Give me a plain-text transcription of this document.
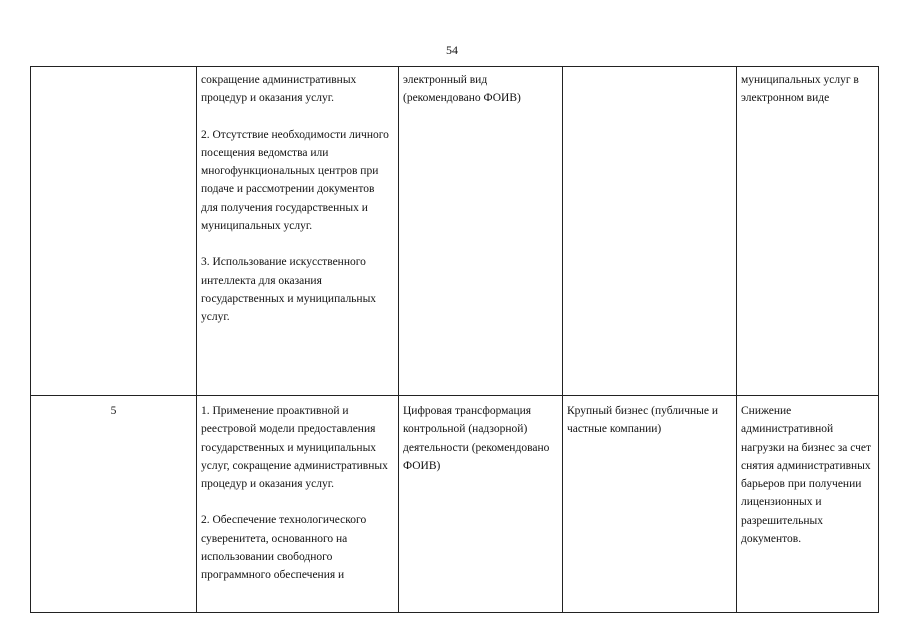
54

	сокращение административных процедур и оказания услуг.

2. Отсутствие необходимости личного посещения ведомства или многофункциональных центров при подаче и рассмотрении документов для получения государственных и муниципальных услуг.

3. Использование искусственного интеллекта для оказания государственных и муниципальных услуг.	электронный вид (рекомендовано ФОИВ)		муниципальных услуг в электронном виде
5	1. Применение проактивной и реестровой модели предоставления государственных и муниципальных услуг, сокращение административных процедур и оказания услуг.

2. Обеспечение технологического суверенитета, основанного на использовании свободного программного обеспечения и	Цифровая трансформация контрольной (надзорной) деятельности (рекомендовано ФОИВ)	Крупный бизнес (публичные и частные компании)	Снижение административной нагрузки на бизнес за счет снятия административных барьеров при получении лицензионных и разрешительных документов.
